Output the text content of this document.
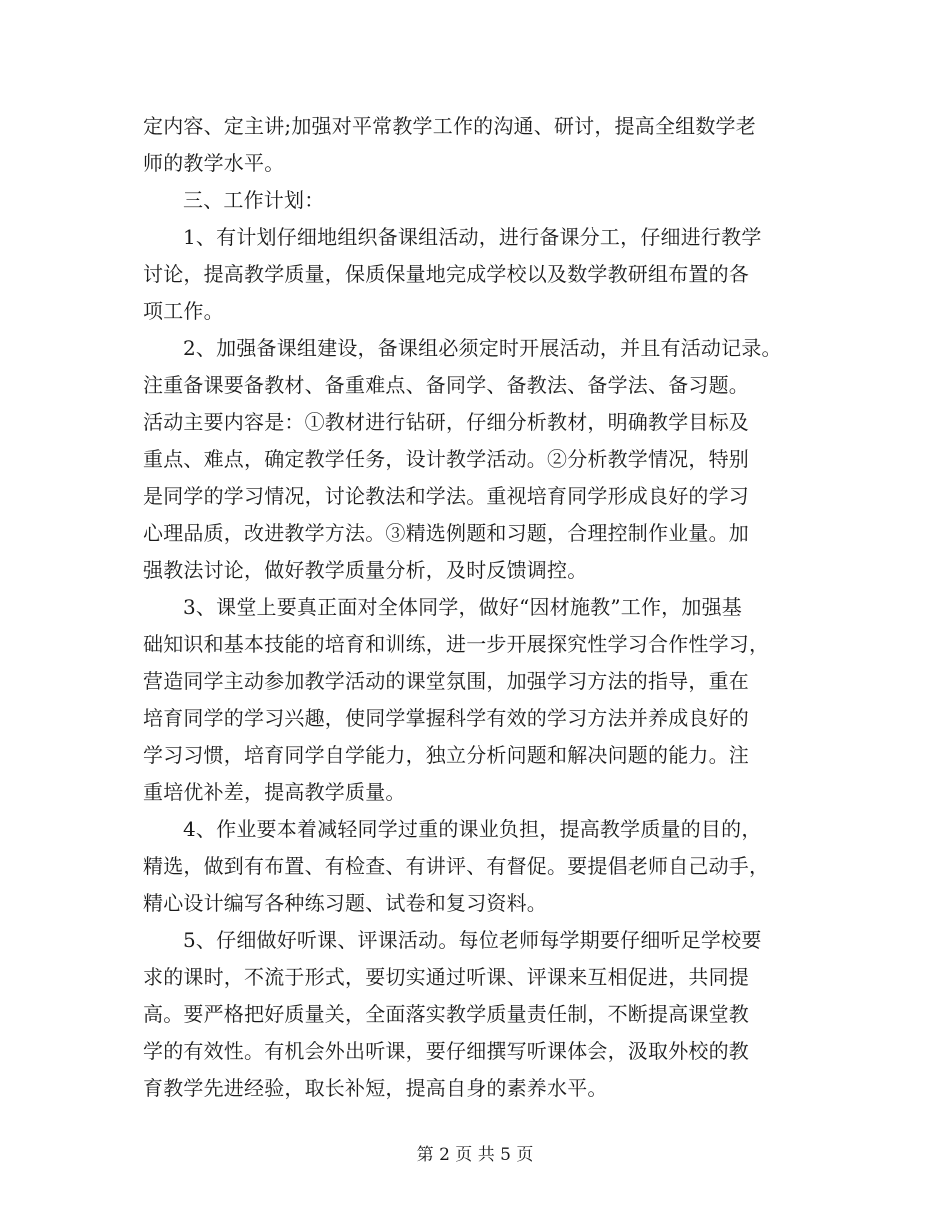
定内容、定主讲;加强对平常教学工作的沟通、研讨，提高全组数学老
师的教学水平。
三、工作计划：
1、有计划仔细地组织备课组活动，进行备课分工，仔细进行教学
讨论，提高教学质量，保质保量地完成学校以及数学教研组布置的各
项工作。
2、加强备课组建设，备课组必须定时开展活动，并且有活动记录。
注重备课要备教材、备重难点、备同学、备教法、备学法、备习题。
活动主要内容是：①教材进行钻研，仔细分析教材，明确教学目标及
重点、难点，确定教学任务，设计教学活动。②分析教学情况，特别
是同学的学习情况，讨论教法和学法。重视培育同学形成良好的学习
心理品质，改进教学方法。③精选例题和习题，合理控制作业量。加
强教法讨论，做好教学质量分析，及时反馈调控。
3、课堂上要真正面对全体同学，做好“因材施教”工作，加强基
础知识和基本技能的培育和训练，进一步开展探究性学习合作性学习，
营造同学主动参加教学活动的课堂氛围，加强学习方法的指导，重在
培育同学的学习兴趣，使同学掌握科学有效的学习方法并养成良好的
学习习惯，培育同学自学能力，独立分析问题和解决问题的能力。注
重培优补差，提高教学质量。
4、作业要本着减轻同学过重的课业负担，提高教学质量的目的，
精选，做到有布置、有检查、有讲评、有督促。要提倡老师自己动手，
精心设计编写各种练习题、试卷和复习资料。
5、仔细做好听课、评课活动。每位老师每学期要仔细听足学校要
求的课时，不流于形式，要切实通过听课、评课来互相促进，共同提
高。要严格把好质量关，全面落实教学质量责任制，不断提高课堂教
学的有效性。有机会外出听课，要仔细撰写听课体会，汲取外校的教
育教学先进经验，取长补短，提高自身的素养水平。
第 2 页 共 5 页
